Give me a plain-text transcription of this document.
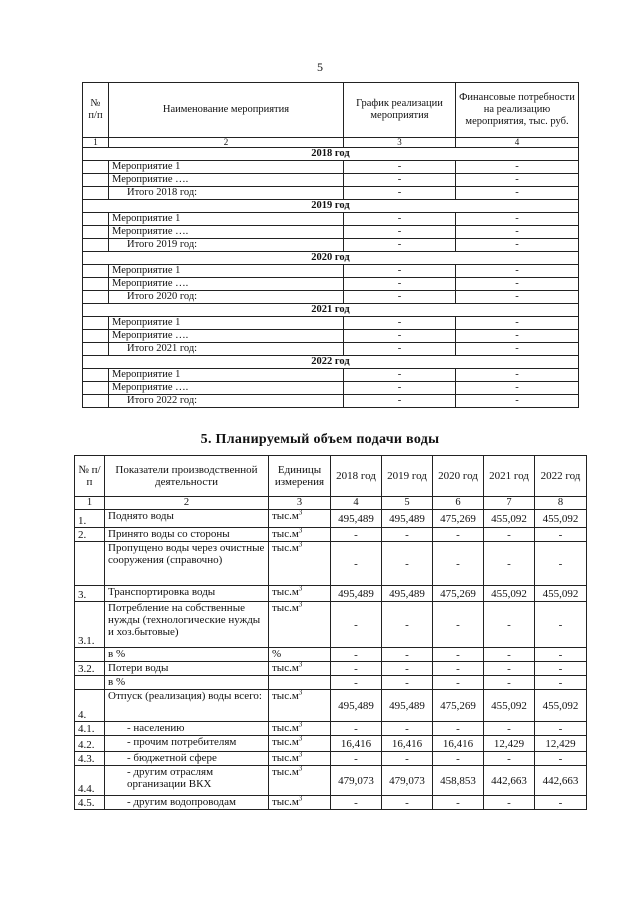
5
№ п/п	Наименование мероприятия	График реализации мероприятия	Финансовые потребности на реализацию мероприятия, тыс. руб.
1	2	3	4
2018 год			
	Мероприятие 1	-	-
	Мероприятие ….	-	-
	Итого 2018 год:	-	-
2019 год			
	Мероприятие 1	-	-
	Мероприятие ….	-	-
	Итого 2019 год:	-	-
2020 год			
	Мероприятие 1	-	-
	Мероприятие ….	-	-
	Итого 2020 год:	-	-
2021 год			
	Мероприятие 1	-	-
	Мероприятие ….	-	-
	Итого 2021 год:	-	-
2022 год			
	Мероприятие 1	-	-
	Мероприятие ….	-	-
	Итого 2022 год:	-	-
5. Планируемый объем подачи воды
№ п/п	Показатели производственной деятельности	Единицы измерения	2018 год	2019 год	2020 год	2021 год	2022 год
1	2	3	4	5	6	7	8
1.	Поднято воды	$тыс.м^3$	495,489	495,489	475,269	455,092	455,092
2.	Принято воды со стороны	$тыс.м^3$	-	-	-	-	-
	Пропущено воды через очистные сооружения (справочно)	$тыс.м^3$	-	-	-	-	-
3.	Транспортировка воды	$тыс.м^3$	495,489	495,489	475,269	455,092	455,092
3.1.	Потребление на собственные нужды (технологические нужды и хоз.бытовые)	$тыс.м^3$	-	-	-	-	-
	в %	%	-	-	-	-	-
3.2.	Потери воды	$тыс.м^3$	-	-	-	-	-
	в %		-	-	-	-	-
4.	Отпуск (реализация) воды всего:	$тыс.м^3$	495,489	495,489	475,269	455,092	455,092
4.1.	- населению	$тыс.м^3$	-	-	-	-	-
4.2.	- прочим потребителям	$тыс.м^3$	16,416	16,416	16,416	12,429	12,429
4.3.	- бюджетной сфере	$тыс.м^3$	-	-	-	-	-
4.4.	- другим отраслям организации ВКХ	$тыс.м^3$	479,073	479,073	458,853	442,663	442,663
4.5.	- другим водопроводам	$тыс.м^3$	-	-	-	-	-
